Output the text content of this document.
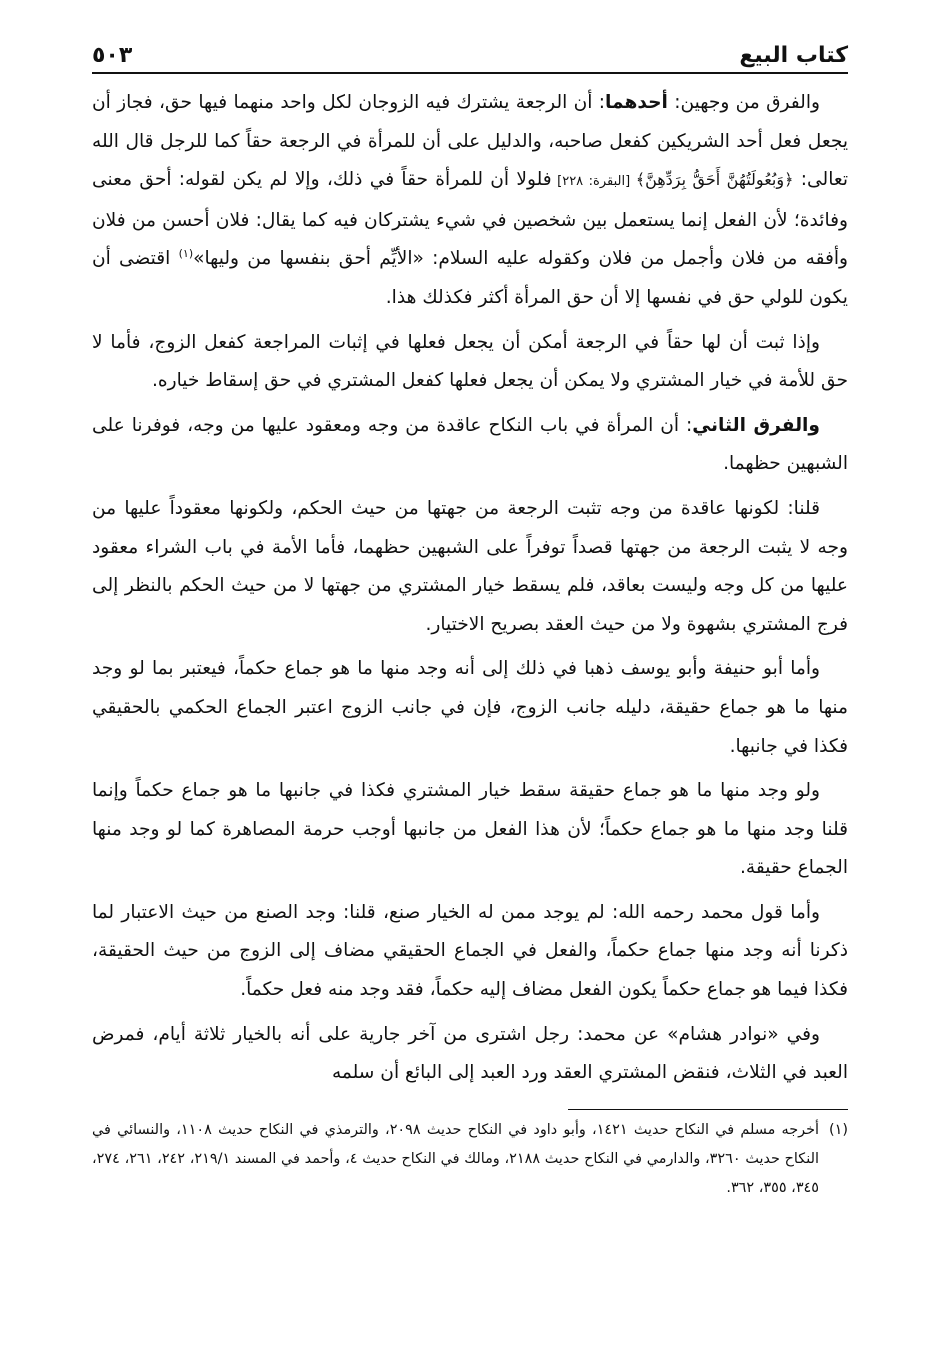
كتاب البيع
٥٠٣

والفرق من وجهين: أحدهما: أن الرجعة يشترك فيه الزوجان لكل واحد منهما فيها حق، فجاز أن يجعل فعل أحد الشريكين كفعل صاحبه، والدليل على أن للمرأة في الرجعة حقاً كما للرجل قال الله تعالى: ﴿وَبُعُولَتُهُنَّ أَحَقُّ بِرَدِّهِنَّ﴾ [البقرة: ٢٢٨] فلولا أن للمرأة حقاً في ذلك، وإلا لم يكن لقوله: أحق معنى وفائدة؛ لأن الفعل إنما يستعمل بين شخصين في شيء يشتركان فيه كما يقال: فلان أحسن من فلان وأفقه من فلان وأجمل من فلان وكقوله عليه السلام: «الأيِّم أحق بنفسها من وليها»$^{(١)}$ اقتضى أن يكون للولي حق في نفسها إلا أن حق المرأة أكثر فكذلك هذا.

وإذا ثبت أن لها حقاً في الرجعة أمكن أن يجعل فعلها في إثبات المراجعة كفعل الزوج، فأما لا حق للأمة في خيار المشتري ولا يمكن أن يجعل فعلها كفعل المشتري في حق إسقاط خياره.

والفرق الثاني: أن المرأة في باب النكاح عاقدة من وجه ومعقود عليها من وجه، فوفرنا على الشبهين حظهما.

قلنا: لكونها عاقدة من وجه تثبت الرجعة من جهتها من حيث الحكم، ولكونها معقوداً عليها من وجه لا يثبت الرجعة من جهتها قصداً توفراً على الشبهين حظهما، فأما الأمة في باب الشراء معقود عليها من كل وجه وليست بعاقد، فلم يسقط خيار المشتري من جهتها لا من حيث الحكم بالنظر إلى فرج المشتري بشهوة ولا من حيث العقد بصريح الاختيار.

وأما أبو حنيفة وأبو يوسف ذهبا في ذلك إلى أنه وجد منها ما هو جماع حكماً، فيعتبر بما لو وجد منها ما هو جماع حقيقة، دليله جانب الزوج، فإن في جانب الزوج اعتبر الجماع الحكمي بالحقيقي فكذا في جانبها.

ولو وجد منها ما هو جماع حقيقة سقط خيار المشتري فكذا في جانبها ما هو جماع حكماً وإنما قلنا وجد منها ما هو جماع حكماً؛ لأن هذا الفعل من جانبها أوجب حرمة المصاهرة كما لو وجد منها الجماع حقيقة.

وأما قول محمد رحمه الله: لم يوجد ممن له الخيار صنع، قلنا: وجد الصنع من حيث الاعتبار لما ذكرنا أنه وجد منها جماع حكماً، والفعل في الجماع الحقيقي مضاف إلى الزوج من حيث الحقيقة، فكذا فيما هو جماع حكماً يكون الفعل مضاف إليه حكماً، فقد وجد منه فعل حكماً.

وفي «نوادر هشام» عن محمد: رجل اشترى من آخر جارية على أنه بالخيار ثلاثة أيام، فمرض العبد في الثلاث، فنقض المشتري العقد ورد العبد إلى البائع أن سلمه

(١)
أخرجه مسلم في النكاح حديث ١٤٢١، وأبو داود في النكاح حديث ٢٠٩٨، والترمذي في النكاح حديث ١١٠٨، والنسائي في النكاح حديث ٣٢٦٠، والدارمي في النكاح حديث ٢١٨٨، ومالك في النكاح حديث ٤، وأحمد في المسند ٢١٩/١، ٢٤٢، ٢٦١، ٢٧٤، ٣٤٥، ٣٥٥، ٣٦٢.
